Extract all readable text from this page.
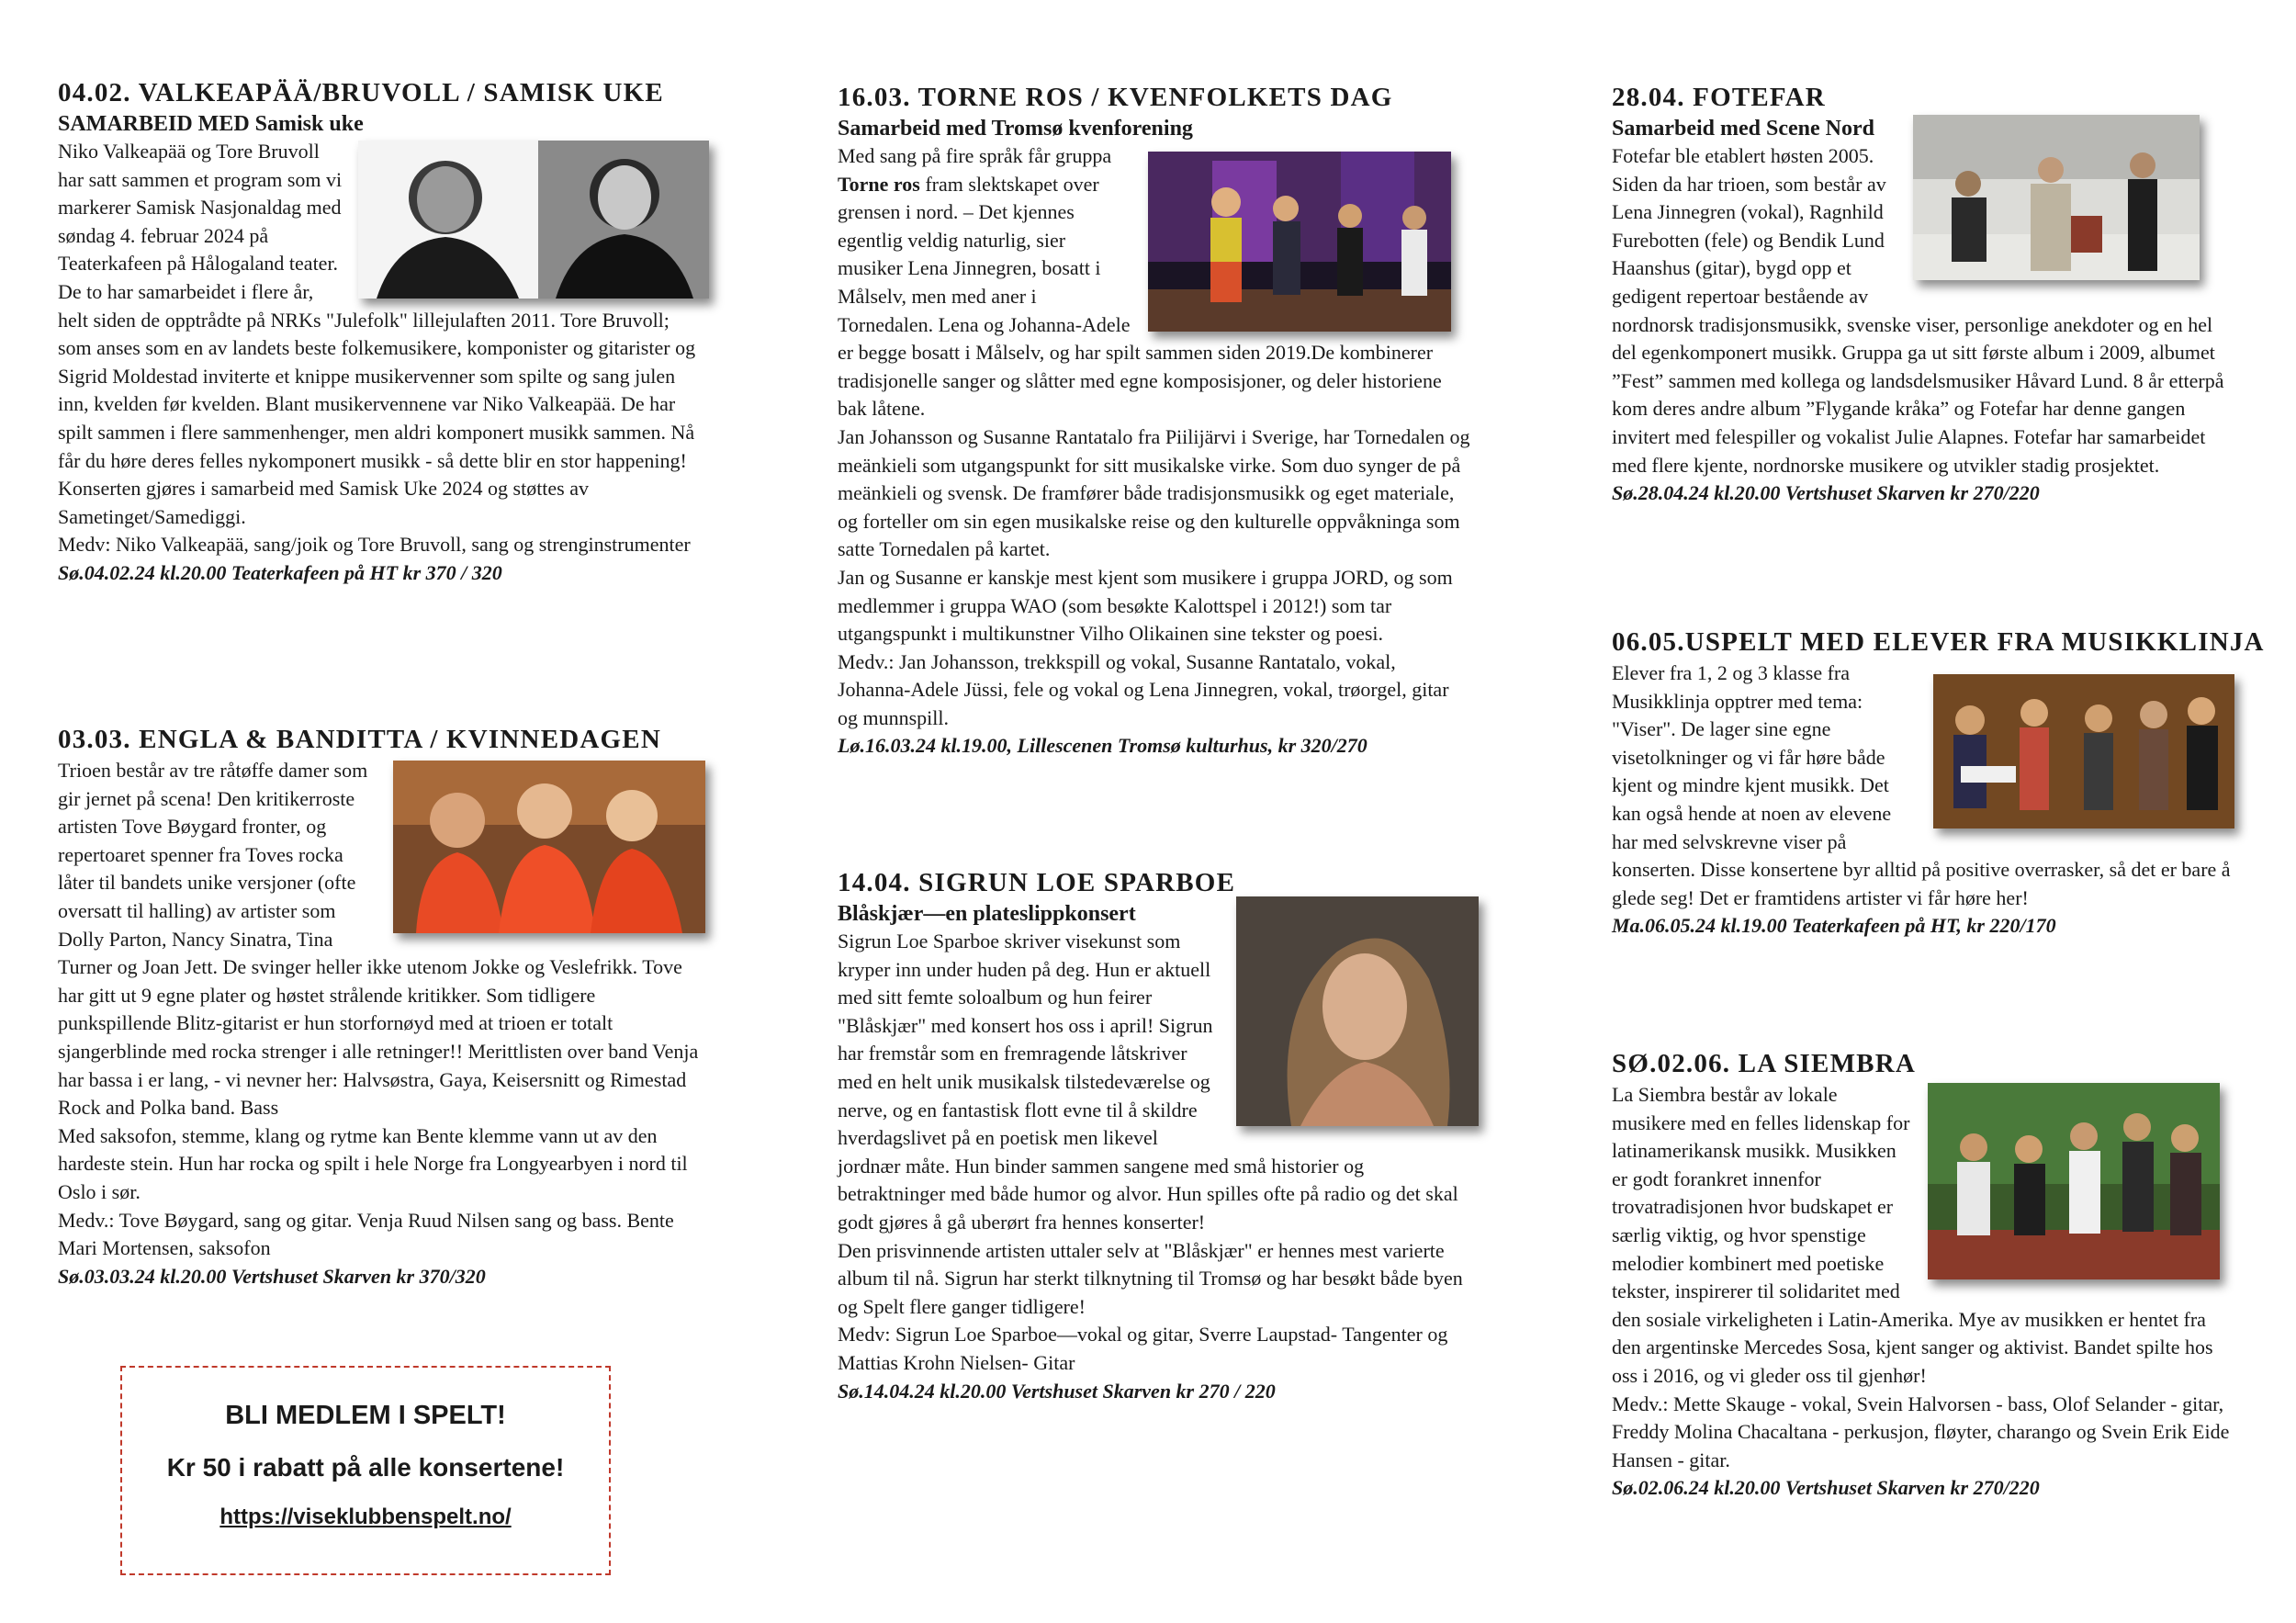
04.02. VALKEAPÄÄ/BRUVOLL / SAMISK UKE
SAMARBEID MED Samisk uke

Niko Valkeapää og Tore Bruvoll har satt sammen et program som vi markerer Samisk Nasjonaldag med søndag 4. februar 2024 på Teaterkafeen på Hålogaland teater. De to har samarbeidet i flere år, helt siden de opptrådte på NRKs "Julefolk" lillejulaften 2011. Tore Bruvoll; som anses som en av landets beste folkemusikere, komponister og gitarister og Sigrid Moldestad inviterte et knippe musikervenner som spilte og sang julen inn, kvelden før kvelden. Blant musikervennene var Niko Valkeapää. De har spilt sammen i flere sammenhenger, men aldri komponert musikk sammen. Nå får du høre deres felles nykomponert musikk - så dette blir en stor happening! Konserten gjøres i samarbeid med Samisk Uke 2024 og støttes av Sametinget/Samediggi.

Medv: Niko Valkeapää, sang/joik og Tore Bruvoll, sang og strenginstrumenter

Sø.04.02.24 kl.20.00 Teaterkafeen på HT kr 370 / 320
03.03. ENGLA & BANDITTA / KVINNEDAGEN

Trioen består av tre råtøffe damer som gir jernet på scena! Den kritikerroste artisten Tove Bøygard fronter, og repertoaret spenner fra Toves rocka låter til bandets unike versjoner (ofte oversatt til halling) av artister som Dolly Parton, Nancy Sinatra, Tina Turner og Joan Jett. De svinger heller ikke utenom Jokke og Veslefrikk. Tove har gitt ut 9 egne plater og høstet strålende kritikker. Som tidligere punkspillende Blitz-gitarist er hun storfornøyd med at trioen er totalt sjangerblinde med rocka strenger i alle retninger!! Merittlisten over band Venja har bassa i er lang, - vi nevner her: Halvsøstra, Gaya, Keisersnitt og Rimestad Rock and Polka band. Bass

Med saksofon, stemme, klang og rytme kan Bente klemme vann ut av den hardeste stein. Hun har rocka og spilt i hele Norge fra Longyearbyen i nord til Oslo i sør.

Medv.: Tove Bøygard, sang og gitar. Venja Ruud Nilsen sang og bass. Bente Mari Mortensen, saksofon

Sø.03.03.24 kl.20.00 Vertshuset Skarven kr 370/320
BLI MEDLEM I SPELT!
Kr 50 i rabatt på alle konsertene!
https://viseklubbenspelt.no/
16.03. TORNE ROS / KVENFOLKETS DAG
Samarbeid med Tromsø kvenforening

Med sang på fire språk får gruppa Torne ros fram slektskapet over grensen i nord. – Det kjennes egentlig veldig naturlig, sier musiker Lena Jinnegren, bosatt i Målselv, men med aner i Tornedalen. Lena og Johanna-Adele er begge bosatt i Målselv, og har spilt sammen siden 2019.De kombinerer tradisjonelle sanger og slåtter med egne komposisjoner, og deler historiene bak låtene.

Jan Johansson og Susanne Rantatalo fra Piilijärvi i Sverige, har Tornedalen og meänkieli som utgangspunkt for sitt musikalske virke. Som duo synger de på meänkieli og svensk. De framfører både tradisjonsmusikk og eget materiale, og forteller om sin egen musikalske reise og den kulturelle oppvåkninga som satte Tornedalen på kartet.

Jan og Susanne er kanskje mest kjent som musikere i gruppa JORD, og som medlemmer i gruppa WAO (som besøkte Kalottspel i 2012!) som tar utgangspunkt i multikunstner Vilho Olikainen sine tekster og poesi.

Medv.: Jan Johansson, trekkspill og vokal, Susanne Rantatalo, vokal, Johanna-Adele Jüssi, fele og vokal og Lena Jinnegren, vokal, trøorgel, gitar og munnspill.

Lø.16.03.24 kl.19.00, Lillescenen Tromsø kulturhus, kr 320/270
14.04. SIGRUN LOE SPARBOE
Blåskjær—en plateslippkonsert

Sigrun Loe Sparboe skriver visekunst som kryper inn under huden på deg. Hun er aktuell med sitt femte soloalbum og hun feirer "Blåskjær" med konsert hos oss i april! Sigrun har fremstår som en fremragende låtskriver med en helt unik musikalsk tilstedeværelse og nerve, og en fantastisk flott evne til å skildre hverdagslivet på en poetisk men likevel jordnær måte. Hun binder sammen sangene med små historier og betraktninger med både humor og alvor. Hun spilles ofte på radio og det skal godt gjøres å gå uberørt fra hennes konserter!

Den prisvinnende artisten uttaler selv at "Blåskjær" er hennes mest varierte album til nå. Sigrun har sterkt tilknytning til Tromsø og har besøkt både byen og Spelt flere ganger tidligere!

Medv: Sigrun Loe Sparboe—vokal og gitar, Sverre Laupstad- Tangenter og Mattias Krohn Nielsen- Gitar

Sø.14.04.24 kl.20.00 Vertshuset Skarven kr 270 / 220
28.04. FOTEFAR
Samarbeid med Scene Nord

Fotefar ble etablert høsten 2005. Siden da har trioen, som består av Lena Jinnegren (vokal), Ragnhild Furebotten (fele) og Bendik Lund Haanshus (gitar), bygd opp et gedigent repertoar bestående av nordnorsk tradisjonsmusikk, svenske viser, personlige anekdoter og en hel del egenkomponert musikk. Gruppa ga ut sitt første album i 2009, albumet ”Fest” sammen med kollega og landsdelsmusiker Håvard Lund. 8 år etterpå kom deres andre album ”Flygande kråka” og Fotefar har denne gangen invitert med felespiller og vokalist Julie Alapnes. Fotefar har samarbeidet med flere kjente, nordnorske musikere og utvikler stadig prosjektet.

Sø.28.04.24 kl.20.00 Vertshuset Skarven kr 270/220
06.05.USPELT MED ELEVER FRA MUSIKKLINJA

Elever fra 1, 2 og 3 klasse fra Musikklinja opptrer med tema: "Viser". De lager sine egne visetolkninger og vi får høre både kjent og mindre kjent musikk. Det kan også hende at noen av elevene har med selvskrevne viser på konserten. Disse konsertene byr alltid på positive overrasker, så det er bare å glede seg! Det er framtidens artister vi får høre her!

Ma.06.05.24 kl.19.00 Teaterkafeen på HT, kr 220/170
SØ.02.06. LA SIEMBRA

La Siembra består av lokale musikere med en felles lidenskap for latinamerikansk musikk. Musikken er godt forankret innenfor trovatradisjonen hvor budskapet er særlig viktig, og hvor spenstige melodier kombinert med poetiske tekster, inspirerer til solidaritet med den sosiale virkeligheten i Latin-Amerika. Mye av musikken er hentet fra den argentinske Mercedes Sosa, kjent sanger og aktivist. Bandet spilte hos oss i 2016, og vi gleder oss til gjenhør!

Medv.: Mette Skauge - vokal, Svein Halvorsen - bass, Olof Selander - gitar, Freddy Molina Chacaltana - perkusjon, fløyter, charango og Svein Erik Eide Hansen - gitar.

Sø.02.06.24 kl.20.00 Vertshuset Skarven kr 270/220
